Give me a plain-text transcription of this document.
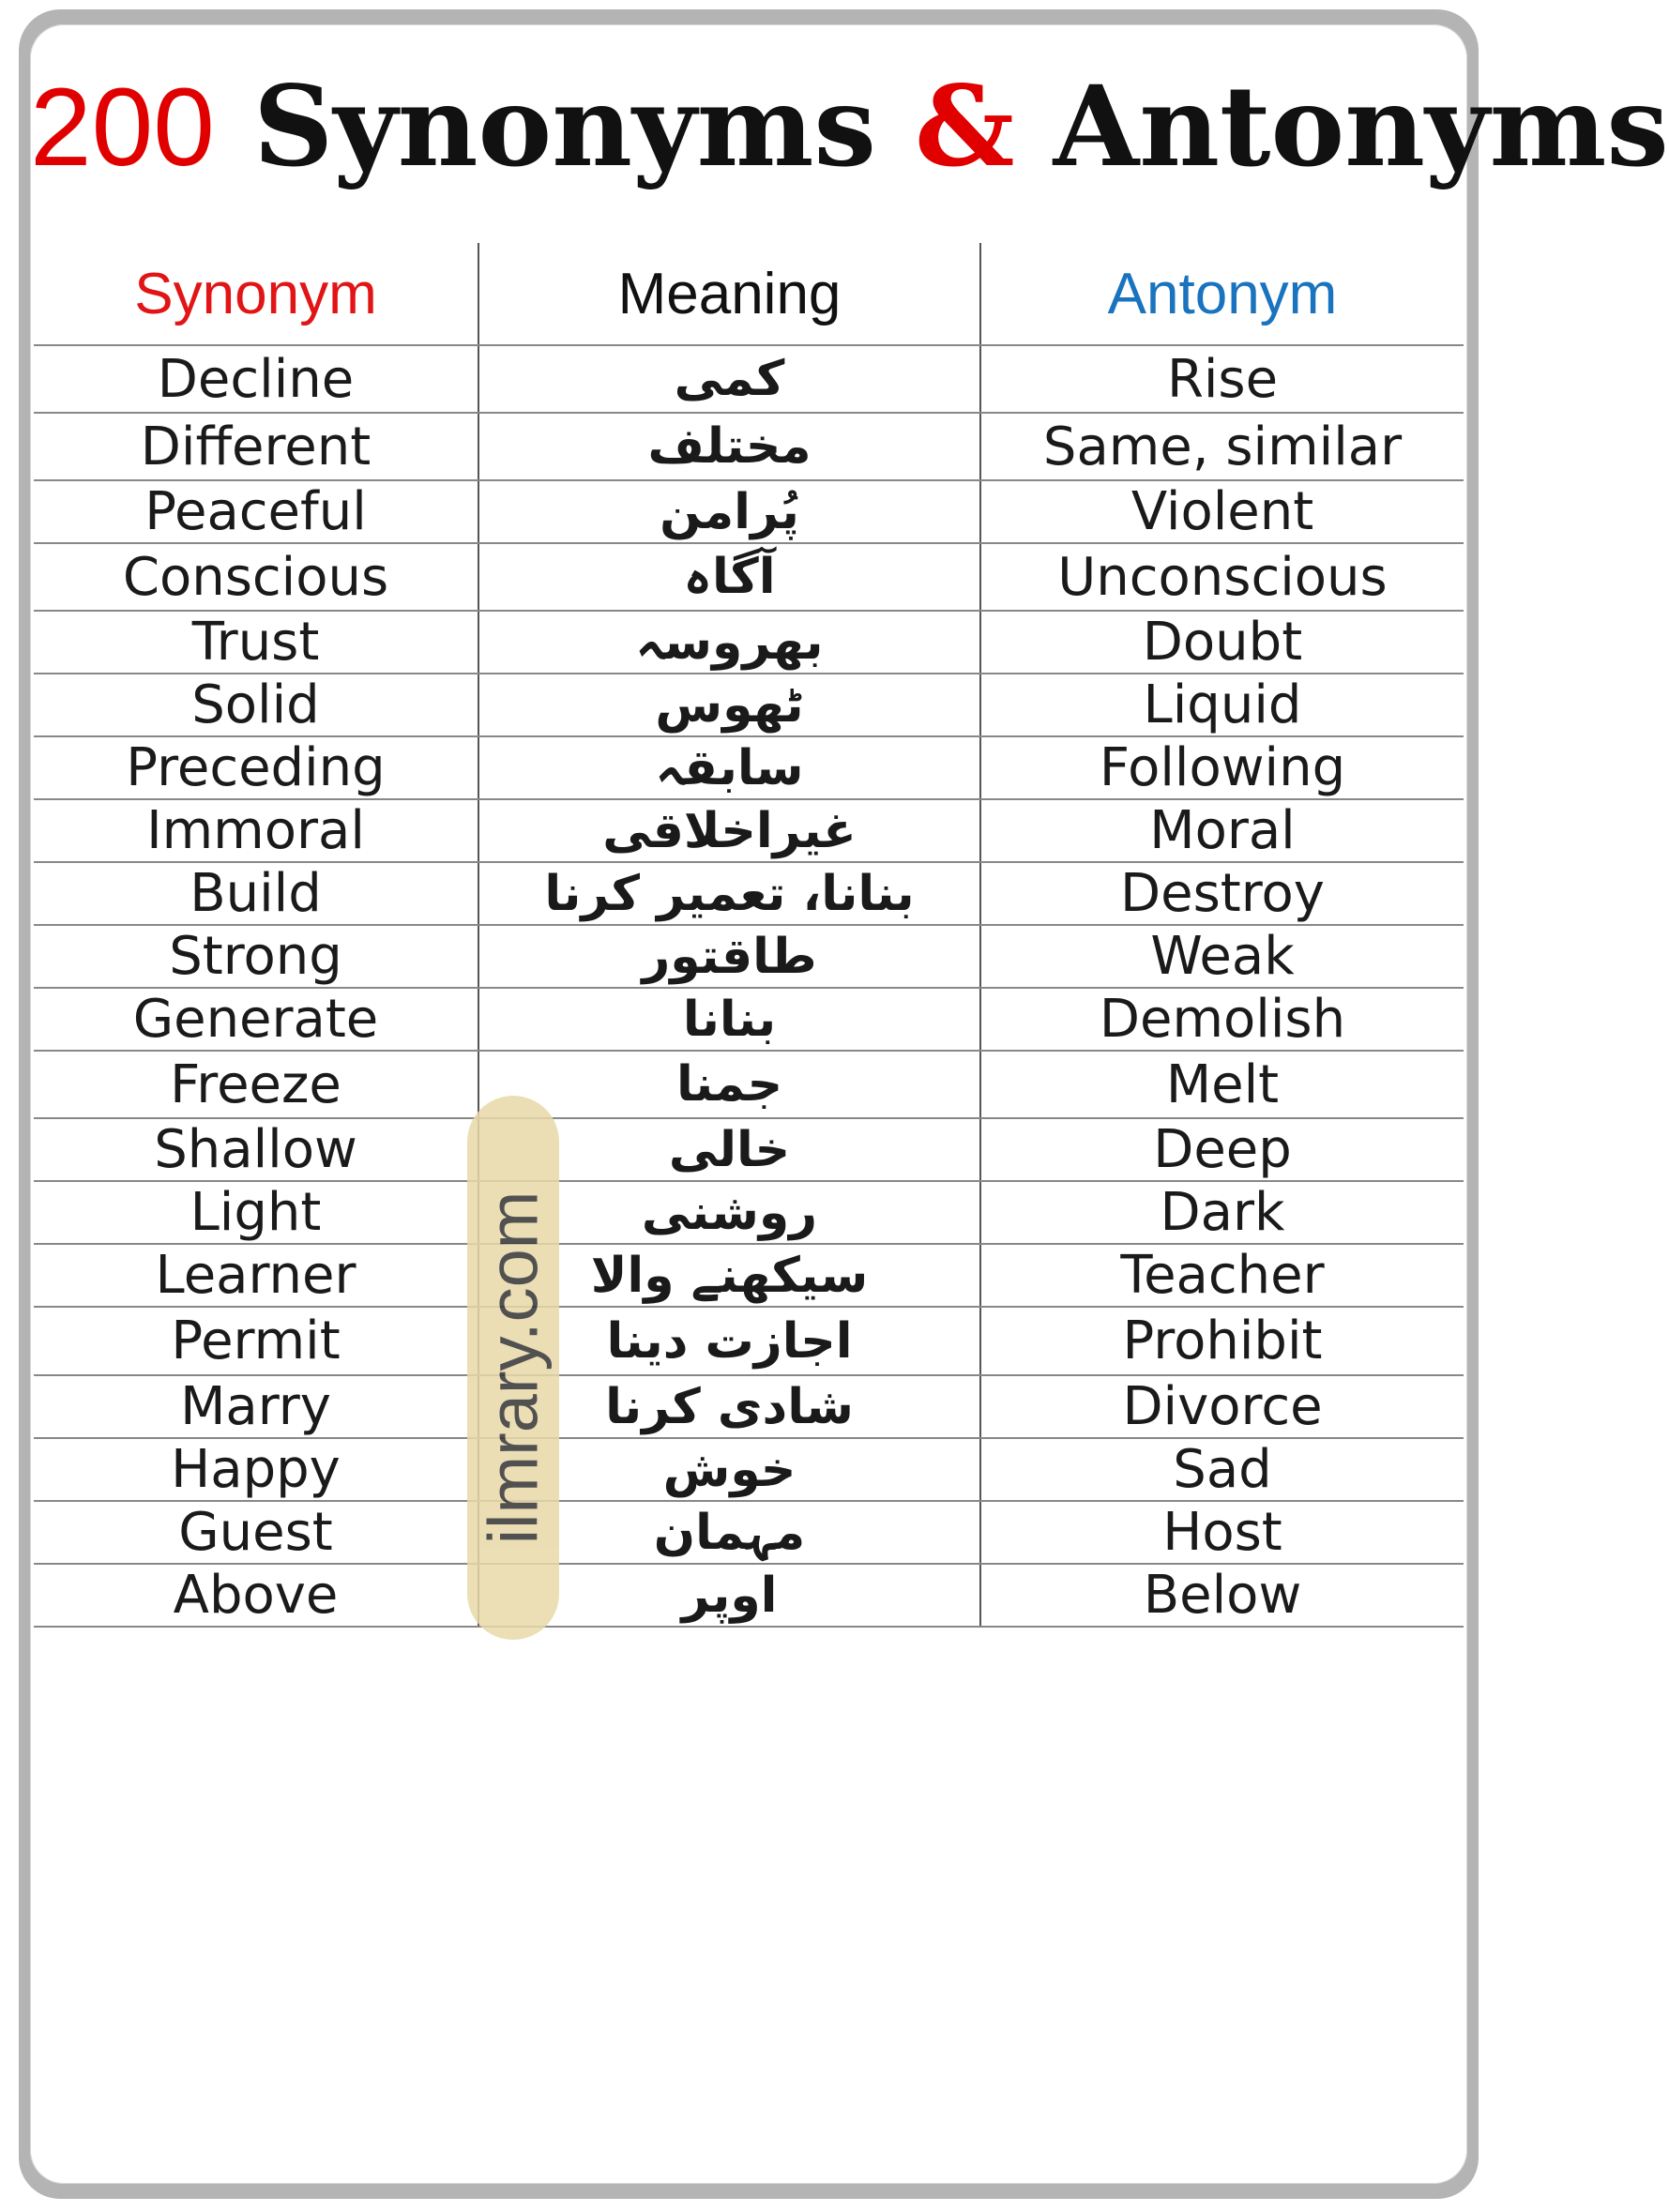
200 Synonyms & Antonyms
Synonym	Meaning	Antonym
Decline	کمی	Rise
Different	مختلف	Same, similar
Peaceful	پُرامن	Violent
Conscious	آگاہ	Unconscious
Trust	بھروسہ	Doubt
Solid	ٹھوس	Liquid
Preceding	سابقہ	Following
Immoral	غیراخلاقی	Moral
Build	بنانا، تعمیر کرنا	Destroy
Strong	طاقتور	Weak
Generate	بنانا	Demolish
Freeze	جمنا	Melt
Shallow	خالی	Deep
Light	روشنی	Dark
Learner	سیکھنے والا	Teacher
Permit	اجازت دینا	Prohibit
Marry	شادی کرنا	Divorce
Happy	خوش	Sad
Guest	مہمان	Host
Above	اوپر	Below
ilmrary.com
